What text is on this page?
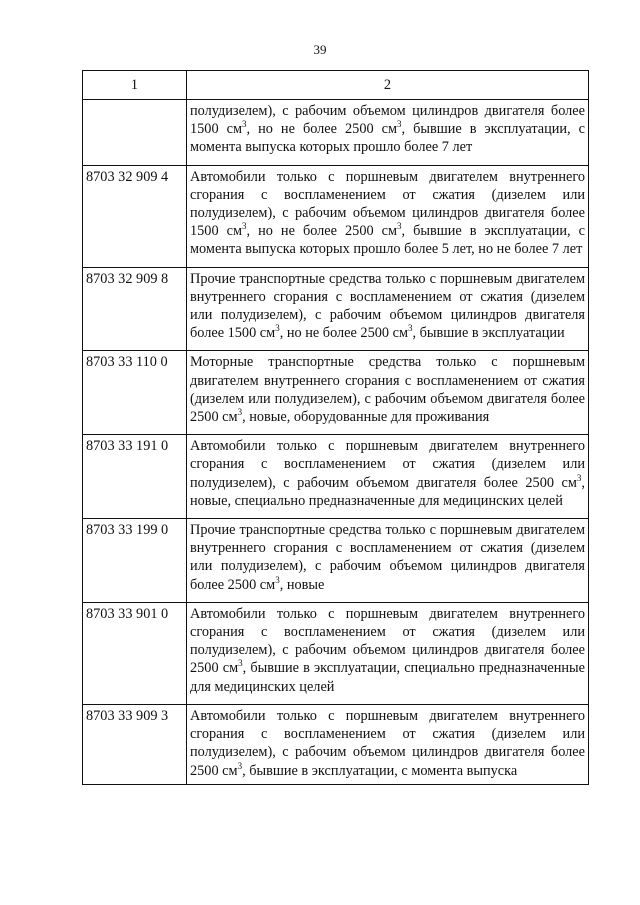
39
1	2
	полудизелем), с рабочим объемом цилиндров двигателя более 1500 $см^3$, но не более 2500 $см^3$, бывшие в эксплуатации, с момента выпуска которых прошло более 7 лет
8703 32 909 4	Автомобили только с поршневым двигателем внутреннего сгорания с воспламенением от сжатия (дизелем или полудизелем), с рабочим объемом цилиндров двигателя более 1500 $см^3$, но не более 2500 $см^3$, бывшие в эксплуатации, с момента выпуска которых прошло более 5 лет, но не более 7 лет
8703 32 909 8	Прочие транспортные средства только с поршневым двигателем внутреннего сгорания с воспламенением от сжатия (дизелем или полудизелем), с рабочим объемом цилиндров двигателя более 1500 $см^3$, но не более 2500 $см^3$, бывшие в эксплуатации
8703 33 110 0	Моторные транспортные средства только с поршневым двигателем внутреннего сгорания с воспламенением от сжатия (дизелем или полудизелем), с рабочим объемом двигателя более 2500 $см^3$, новые, оборудованные для проживания
8703 33 191 0	Автомобили только с поршневым двигателем внутреннего сгорания с воспламенением от сжатия (дизелем или полудизелем), с рабочим объемом двигателя более 2500 $см^3$, новые, специально предназначенные для медицинских целей
8703 33 199 0	Прочие транспортные средства только с поршневым двигателем внутреннего сгорания с воспламенением от сжатия (дизелем или полудизелем), с рабочим объемом цилиндров двигателя более 2500 $см^3$, новые
8703 33 901 0	Автомобили только с поршневым двигателем внутреннего сгорания с воспламенением от сжатия (дизелем или полудизелем), с рабочим объемом цилиндров двигателя более 2500 $см^3$, бывшие в эксплуатации, специально предназначенные для медицинских целей
8703 33 909 3	Автомобили только с поршневым двигателем внутреннего сгорания с воспламенением от сжатия (дизелем или полудизелем), с рабочим объемом цилиндров двигателя более 2500 $см^3$, бывшие в эксплуатации, с момента выпуска
